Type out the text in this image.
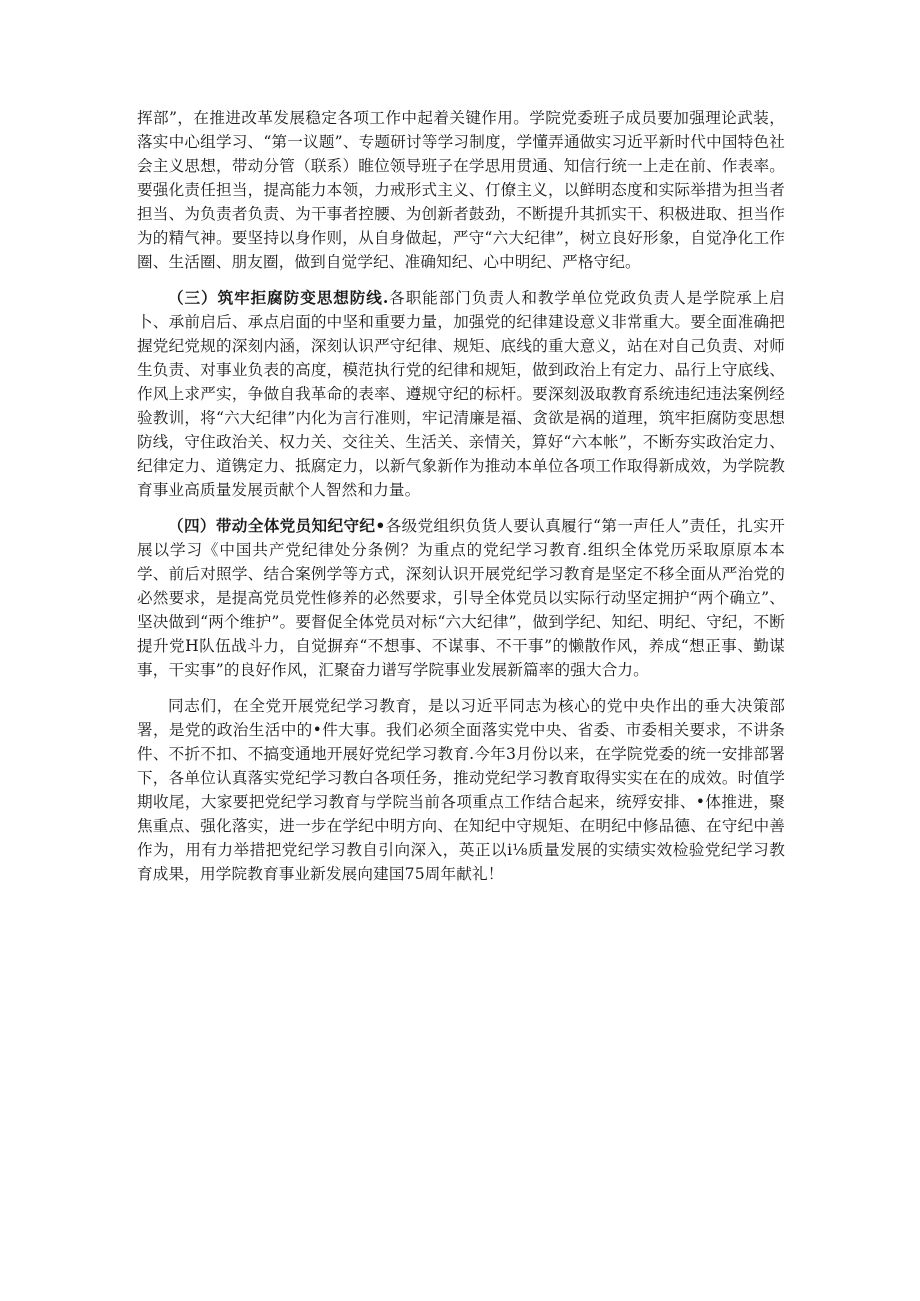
挥部”，在推进改革发展稳定各项工作中起着关键作用。学院党委班子成员要加强理论武装，落实中心组学习、“第一议题”、专题研讨等学习制度，学懂弄通做实习近平新时代中国特色社会主义思想，带动分管（联系）睢位领导班子在学思用贯通、知信行统一上走在前、作表率。要强化责任担当，提高能力本领，力戒形式主义、仃僚主义，以鲜明态度和实际举措为担当者担当、为负责者负责、为干事者控腰、为创新者鼓劲，不断提升其抓实干、积极进取、担当作为的精气神。要坚持以身作则，从自身做起，严守“六大纪律”，树立良好形象，自觉净化工作圈、生活圈、朋友圈，做到自觉学纪、准确知纪、心中明纪、严格守纪。

（三）筑牢拒腐防变思想防线.各职能部门负责人和教学单位党政负责人是学院承上启卜、承前启后、承点启面的中坚和重要力量，加强党的纪律建设意义非常重大。要全面准确把握党纪党规的深刻内涵，深刻认识严守纪律、规矩、底线的重大意义，站在对自己负责、对师生负责、对事业负表的高度，模范执行党的纪律和规矩，做到政治上有定力、品行上守底线、作风上求严实，争做自我革命的表率、遵规守纪的标杆。要深刻汲取教育系统违纪违法案例经验教训，将“六大纪律”内化为言行准则，牢记清廉是福、贪欲是祸的道理，筑牢拒腐防变思想防线，守住政治关、权力关、交往关、生活关、亲情关，算好“六本帐”，不断夯实政治定力、纪律定力、道镌定力、抵腐定力，以新气象新作为推动本单位各项工作取得新成效，为学院教育事业高质量发展贡献个人智然和力量。

（四）带动全体党员知纪守纪•各级党组织负货人要认真履行“第一声任人”责任，扎实开展以学习《中国共产党纪律处分条例？为重点的党纪学习教育.组织全体党历采取原原本本学、前后对照学、结合案例学等方式，深刻认识开展党纪学习教育是坚定不移全面从严治党的必然要求，是提高党员党性修养的必然要求，引导全体党员以实际行动坚定拥护“两个确立”、坚决做到“两个维护”。要督促全体党员对标“六大纪律”，做到学纪、知纪、明纪、守纪，不断提升党H队伍战斗力，自觉摒弃“不想事、不谋事、不干事”的懒散作风，养成“想正事、勤谋事，干实事”的良好作风，汇聚奋力谱写学院事业发展新篇率的强大合力。

同志们，在全党开展党纪学习教育，是以习近平同志为核心的党中央作出的垂大决策部署，是党的政治生活中的•件大事。我们必须全面落实党中央、省委、市委相关要求，不讲条件、不折不扣、不搞变通地开展好党纪学习教育.今年3月份以来，在学院党委的统一安排部署下，各单位认真落实党纪学习教白各项任务，推动党纪学习教育取得实实在在的成效。时值学期收尾，大家要把党纪学习教育与学院当前各项重点工作结合起来，统殍安排、•体推进，聚焦重点、强化落实，进一步在学纪中明方向、在知纪中守规矩、在明纪中修品德、在守纪中善作为，用有力举措把党纪学习教自引向深入，英正以i⅛质量发展的实绩实效检验党纪学习教育成果，用学院教育事业新发展向建国75周年献礼！
